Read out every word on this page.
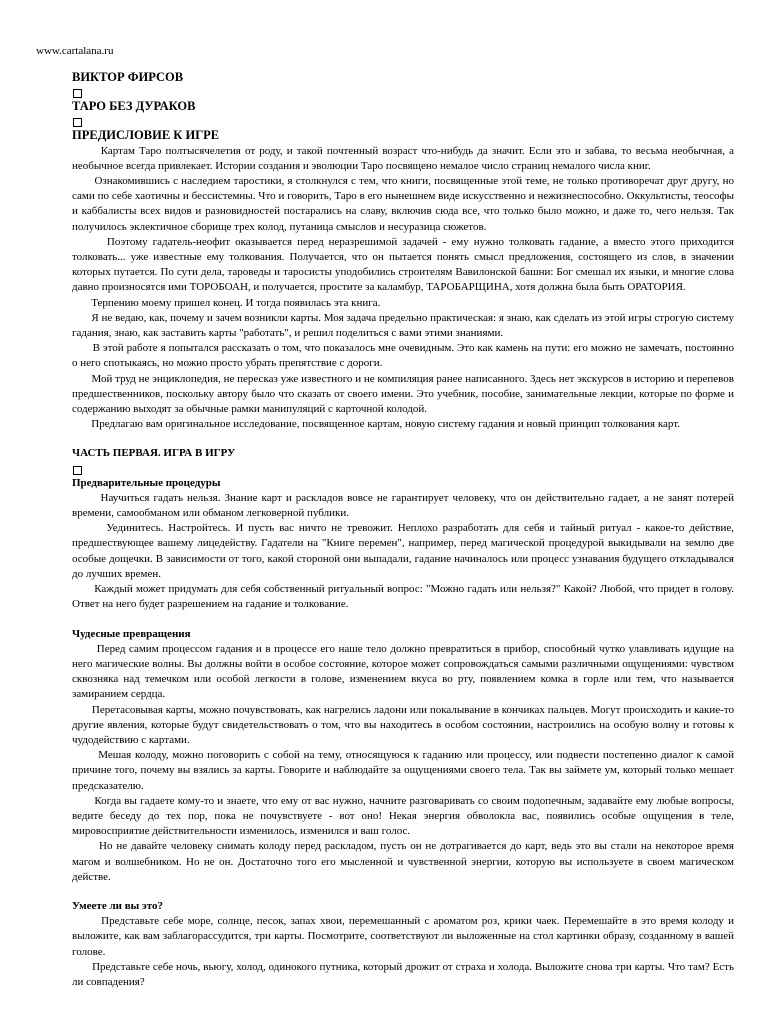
www.cartalana.ru
ВИКТОР ФИРСОВ
ТАРО БЕЗ ДУРАКОВ
ПРЕДИСЛОВИЕ К ИГРЕ

Картам Таро полтысячелетия от роду, и такой почтенный возраст что-нибудь да значит. Если это и забава, то весьма необычная, а необычное всегда привлекает. Истории создания и эволюции Таро посвящено немалое число страниц немалого числа книг.

Ознакомившись с наследием таростики, я столкнулся с тем, что книги, посвященные этой теме, не только противоречат друг другу, но сами по себе хаотичны и бессистемны. Что и говорить, Таро в его нынешнем виде искусственно и нежизнеспособно. Оккультисты, теософы и каббалисты всех видов и разновидностей постарались на славу, включив сюда все, что только было можно, и даже то, чего нельзя. Так получилось эклектичное сборище трех колод, путаница смыслов и несуразица сюжетов.

Поэтому гадатель-неофит оказывается перед неразрешимой задачей - ему нужно толковать гадание, а вместо этого приходится толковать... уже известные ему толкования. Получается, что он пытается понять смысл предложения, состоящего из слов, в значении которых путается. По сути дела, тароведы и таросисты уподобились строителям Вавилонской башни: Бог смешал их языки, и многие слова давно произносятся ими ТОРОБОАН, и получается, простите за каламбур, ТАРОБАРЩИНА, хотя должна была быть ОРАТОРИЯ.

Терпению моему пришел конец. И тогда появилась эта книга.

Я не ведаю, как, почему и зачем возникли карты. Моя задача предельно практическая: я знаю, как сделать из этой игры строгую систему гадания, знаю, как заставить карты "работать", и решил поделиться с вами этими знаниями.

В этой работе я попытался рассказать о том, что показалось мне очевидным. Это как камень на пути: его можно не замечать, постоянно о него спотыкаясь, но можно просто убрать препятствие с дороги.

Мой труд не энциклопедия, не пересказ уже известного и не компиляция ранее написанного. Здесь нет экскурсов в историю и перепевов предшественников, поскольку автору было что сказать от своего имени. Это учебник, пособие, занимательные лекции, которые по форме и содержанию выходят за обычные рамки манипуляций с карточной колодой.

Предлагаю вам оригинальное исследование, посвященное картам, новую систему гадания и новый принцип толкования карт.

ЧАСТЬ ПЕРВАЯ. ИГРА В ИГРУ
Предварительные процедуры

Научиться гадать нельзя. Знание карт и раскладов вовсе не гарантирует человеку, что он действительно гадает, а не занят потерей времени, самообманом или обманом легковерной публики.

Уединитесь. Настройтесь. И пусть вас ничто не тревожит. Неплохо разработать для себя и тайный ритуал - какое-то действие, предшествующее вашему лицедейству. Гадатели на "Книге перемен", например, перед магической процедурой выкидывали на землю две особые дощечки. В зависимости от того, какой стороной они выпадали, гадание начиналось или процесс узнавания будущего откладывался до лучших времен.

Каждый может придумать для себя собственный ритуальный вопрос: "Можно гадать или нельзя?" Какой? Любой, что придет в голову. Ответ на него будет разрешением на гадание и толкование.

Чудесные превращения

Перед самим процессом гадания и в процессе его наше тело должно превратиться в прибор, способный чутко улавливать идущие на него магические волны. Вы должны войти в особое состояние, которое может сопровождаться самыми различными ощущениями: чувством сквозняка над темечком или особой легкости в голове, изменением вкуса во рту, появлением комка в горле или тем, что называется замиранием сердца.

Перетасовывая карты, можно почувствовать, как нагрелись ладони или покалывание в кончиках пальцев. Могут происходить и какие-то другие явления, которые будут свидетельствовать о том, что вы находитесь в особом состоянии, настроились на особую волну и готовы к чудодействию с картами.

Мешая колоду, можно поговорить с собой на тему, относящуюся к гаданию или процессу, или подвести постепенно диалог к самой причине того, почему вы взялись за карты. Говорите и наблюдайте за ощущениями своего тела. Так вы займете ум, который только мешает предсказателю.

Когда вы гадаете кому-то и знаете, что ему от вас нужно, начните разговаривать со своим подопечным, задавайте ему любые вопросы, ведите беседу до тех пор, пока не почувствуете - вот оно! Некая энергия обволокла вас, появились особые ощущения в теле, мировосприятие действительности изменилось, изменился и ваш голос.

Но не давайте человеку снимать колоду перед раскладом, пусть он не дотрагивается до карт, ведь это вы стали на некоторое время магом и волшебником. Но не он. Достаточно того его мысленной и чувственной энергии, которую вы используете в своем магическом действе.

Умеете ли вы это?

Представьте себе море, солнце, песок, запах хвои, перемешанный с ароматом роз, крики чаек. Перемешайте в это время колоду и выложите, как вам заблагорассудится, три карты. Посмотрите, соответствуют ли выложенные на стол картинки образу, созданному в вашей голове.

Представьте себе ночь, вьюгу, холод, одинокого путника, который дрожит от страха и холода. Выложите снова три карты. Что там? Есть ли совпадения?
